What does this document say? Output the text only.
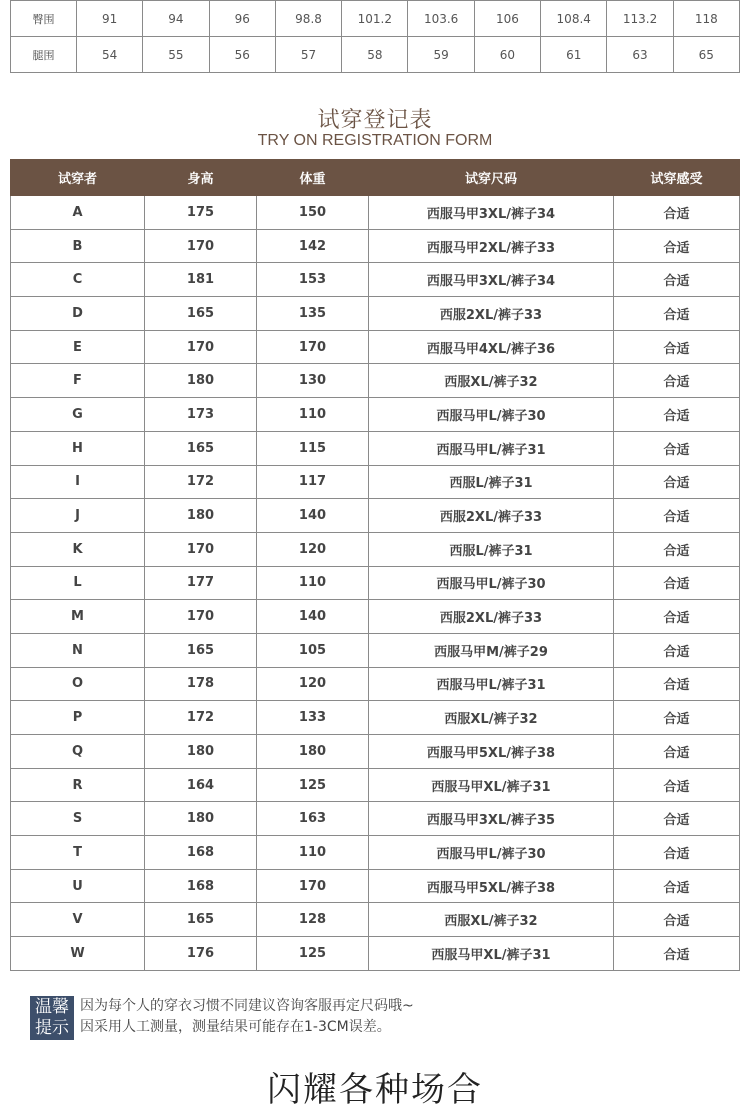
臀围	91	94	96	98.8	101.2	103.6	106	108.4	113.2	118
腿围	54	55	56	57	58	59	60	61	63	65
试穿登记表
TRY ON REGISTRATION FORM
试穿者	身高	体重	试穿尺码	试穿感受
A	175	150	西服马甲3XL/裤子34	合适
B	170	142	西服马甲2XL/裤子33	合适
C	181	153	西服马甲3XL/裤子34	合适
D	165	135	西服2XL/裤子33	合适
E	170	170	西服马甲4XL/裤子36	合适
F	180	130	西服XL/裤子32	合适
G	173	110	西服马甲L/裤子30	合适
H	165	115	西服马甲L/裤子31	合适
I	172	117	西服L/裤子31	合适
J	180	140	西服2XL/裤子33	合适
K	170	120	西服L/裤子31	合适
L	177	110	西服马甲L/裤子30	合适
M	170	140	西服2XL/裤子33	合适
N	165	105	西服马甲M/裤子29	合适
O	178	120	西服马甲L/裤子31	合适
P	172	133	西服XL/裤子32	合适
Q	180	180	西服马甲5XL/裤子38	合适
R	164	125	西服马甲XL/裤子31	合适
S	180	163	西服马甲3XL/裤子35	合适
T	168	110	西服马甲L/裤子30	合适
U	168	170	西服马甲5XL/裤子38	合适
V	165	128	西服XL/裤子32	合适
W	176	125	西服马甲XL/裤子31	合适
温馨
提示
因为每个人的穿衣习惯不同建议咨询客服再定尺码哦~
因采用人工测量，测量结果可能存在1-3CM误差。
闪耀各种场合
